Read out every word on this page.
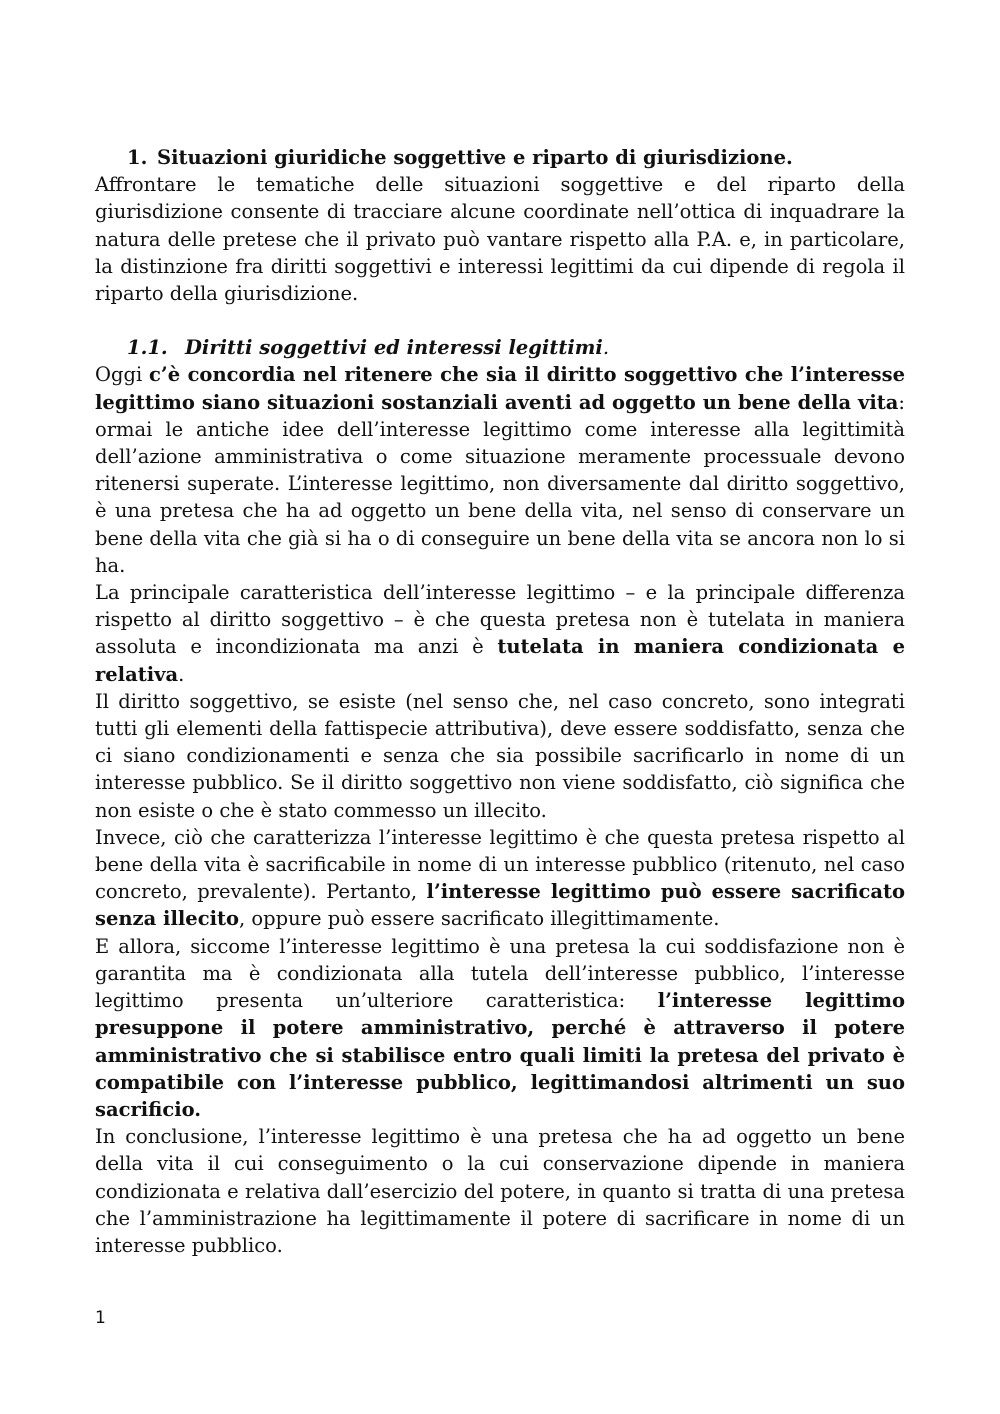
1. Situazioni giuridiche soggettive e riparto di giurisdizione.

Affrontare le tematiche delle situazioni soggettive e del riparto della giurisdizione consente di tracciare alcune coordinate nell’ottica di inquadrare la natura delle pretese che il privato può vantare rispetto alla P.A. e, in particolare, la distinzione fra diritti soggettivi e interessi legittimi da cui dipende di regola il riparto della giurisdizione.

1.1. Diritti soggettivi ed interessi legittimi.

Oggi c’è concordia nel ritenere che sia il diritto soggettivo che l’interesse legittimo siano situazioni sostanziali aventi ad oggetto un bene della vita: ormai le antiche idee dell’interesse legittimo come interesse alla legittimità dell’azione amministrativa o come situazione meramente processuale devono ritenersi superate. L’interesse legittimo, non diversamente dal diritto soggettivo, è una pretesa che ha ad oggetto un bene della vita, nel senso di conservare un bene della vita che già si ha o di conseguire un bene della vita se ancora non lo si ha.

La principale caratteristica dell’interesse legittimo – e la principale differenza rispetto al diritto soggettivo – è che questa pretesa non è tutelata in maniera assoluta e incondizionata ma anzi è tutelata in maniera condizionata e relativa.

Il diritto soggettivo, se esiste (nel senso che, nel caso concreto, sono integrati tutti gli elementi della fattispecie attributiva), deve essere soddisfatto, senza che ci siano condizionamenti e senza che sia possibile sacrificarlo in nome di un interesse pubblico. Se il diritto soggettivo non viene soddisfatto, ciò significa che non esiste o che è stato commesso un illecito.

Invece, ciò che caratterizza l’interesse legittimo è che questa pretesa rispetto al bene della vita è sacrificabile in nome di un interesse pubblico (ritenuto, nel caso concreto, prevalente). Pertanto, l’interesse legittimo può essere sacrificato senza illecito, oppure può essere sacrificato illegittimamente.

E allora, siccome l’interesse legittimo è una pretesa la cui soddisfazione non è garantita ma è condizionata alla tutela dell’interesse pubblico, l’interesse legittimo presenta un’ulteriore caratteristica: l’interesse legittimo presuppone il potere amministrativo, perché è attraverso il potere amministrativo che si stabilisce entro quali limiti la pretesa del privato è compatibile con l’interesse pubblico, legittimandosi altrimenti un suo sacrificio.

In conclusione, l’interesse legittimo è una pretesa che ha ad oggetto un bene della vita il cui conseguimento o la cui conservazione dipende in maniera condizionata e relativa dall’esercizio del potere, in quanto si tratta di una pretesa che l’amministrazione ha legittimamente il potere di sacrificare in nome di un interesse pubblico.

1
